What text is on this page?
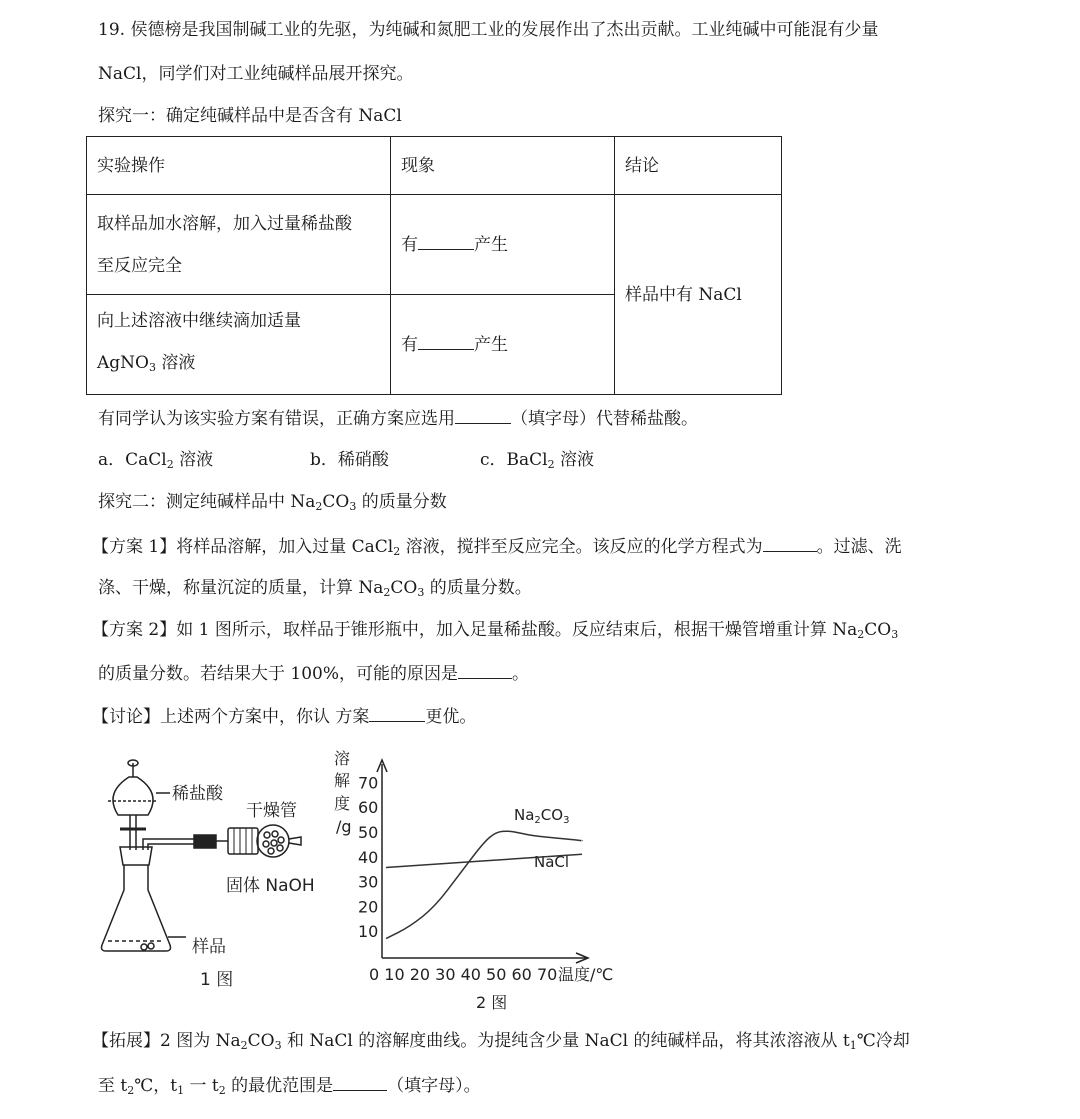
19. 侯德榜是我国制碱工业的先驱，为纯碱和氮肥工业的发展作出了杰出贡献。工业纯碱中可能混有少量
NaCl，同学们对工业纯碱样品展开探究。
探究一：确定纯碱样品中是否含有 NaCl
实验操作	现象	结论

取样品加水溶解，加入过量稀盐酸
至反应完全	有 产生	样品中有 NaCl

向上述溶液中继续滴加适量
AgNO$_3$ 溶液	有 产生	
有同学认为该实验方案有错误，正确方案应选用	（填字母）代替稀盐酸。
a．CaCl$_2$ 溶液	b．稀硝酸	c．BaCl$_2$ 溶液
探究二：测定纯碱样品中 $Na_2CO_3$ 的质量分数
【方案 1】将样品溶解，加入过量 CaCl$_2$ 溶液，搅拌至反应完全。该反应的化学方程式为	。过滤、洗
涤、干燥，称量沉淀的质量，计算 $Na_2CO_3$ 的质量分数。
【方案 2】如 1 图所示，取样品于锥形瓶中，加入足量稀盐酸。反应结束后，根据干燥管增重计算 $Na_2CO_3$
的质量分数。若结果大于 100%，可能的原因是	。
【讨论】上述两个方案中，你认 方案	更优。
稀盐酸
干燥管
固体 NaOH
样品
1 图
溶
解
度
/g
0 10 20 30 40 50 60 70 温度/℃
2 图
$Na_2CO_3$
NaCl
70
60
50
40
30
20
10
【拓展】2 图为 $Na_2CO_3$ 和 NaCl 的溶解度曲线。为提纯含少量 NaCl 的纯碱样品，将其浓溶液从 $t_1℃$冷却
至 $t_2℃$，$t_1$ 一 $t_2$ 的最优范围是	（填字母）。
